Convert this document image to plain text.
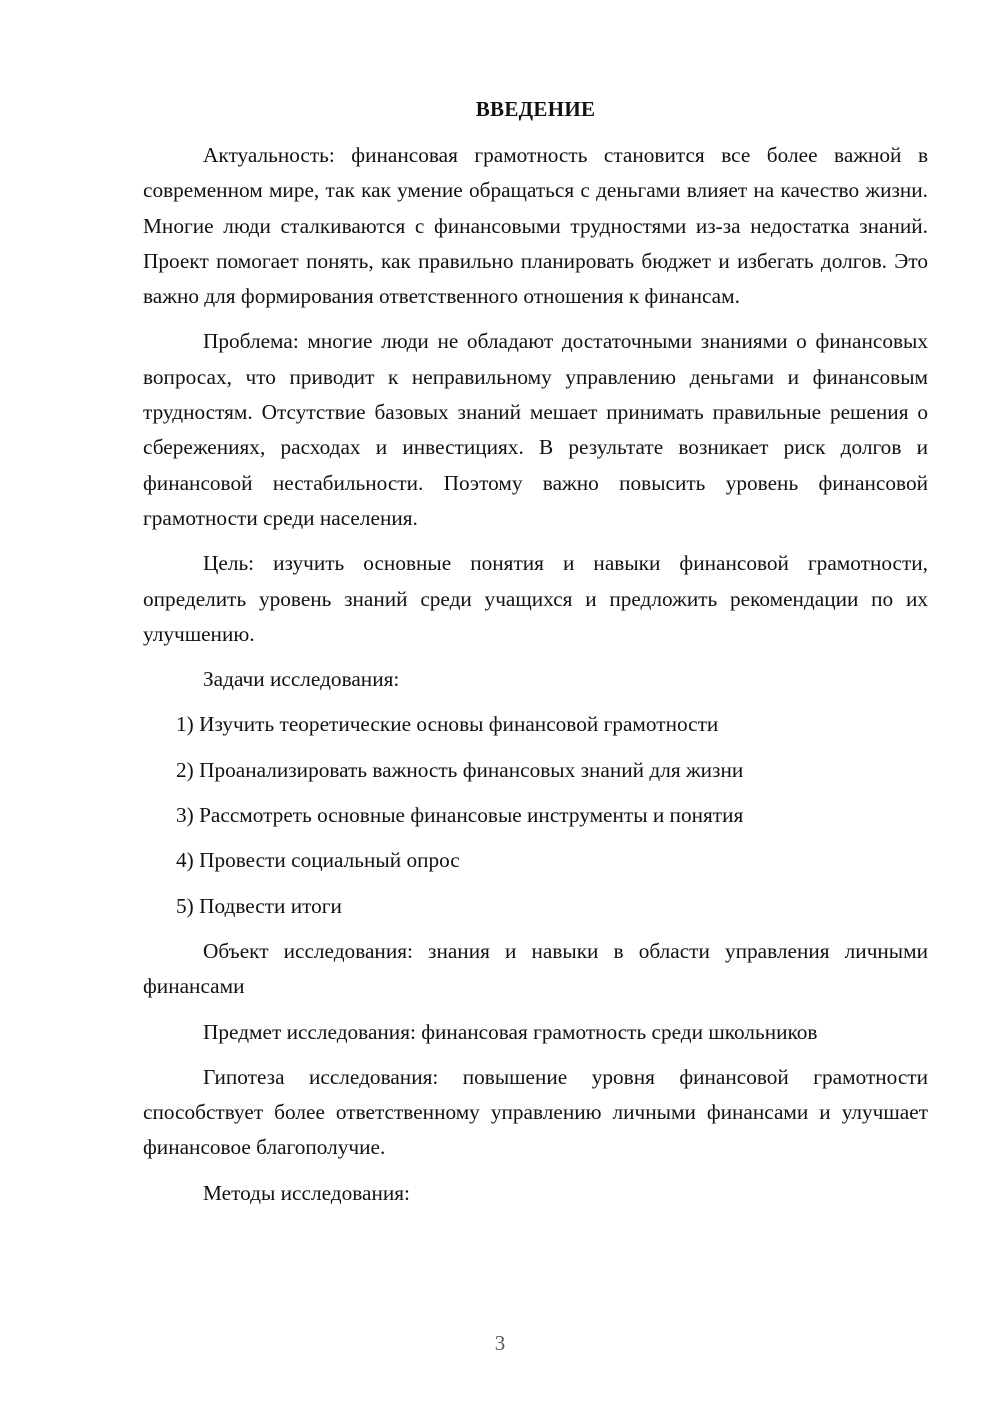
ВВЕДЕНИЕ

Актуальность: финансовая грамотность становится все более важной в современном мире, так как умение обращаться с деньгами влияет на качество жизни. Многие люди сталкиваются с финансовыми трудностями из-за недостатка знаний. Проект помогает понять, как правильно планировать бюджет и избегать долгов. Это важно для формирования ответственного отношения к финансам.

Проблема: многие люди не обладают достаточными знаниями о финансовых вопросах, что приводит к неправильному управлению деньгами и финансовым трудностям. Отсутствие базовых знаний мешает принимать правильные решения о сбережениях, расходах и инвестициях. В результате возникает риск долгов и финансовой нестабильности. Поэтому важно повысить уровень финансовой грамотности среди населения.

Цель: изучить основные понятия и навыки финансовой грамотности, определить уровень знаний среди учащихся и предложить рекомендации по их улучшению.

Задачи исследования:

1) Изучить теоретические основы финансовой грамотности

2) Проанализировать важность финансовых знаний для жизни

3) Рассмотреть основные финансовые инструменты и понятия

4) Провести социальный опрос

5) Подвести итоги

Объект исследования: знания и навыки в области управления личными финансами

Предмет исследования: финансовая грамотность среди школьников

Гипотеза исследования: повышение уровня финансовой грамотности способствует более ответственному управлению личными финансами и улучшает финансовое благополучие.

Методы исследования:

3
